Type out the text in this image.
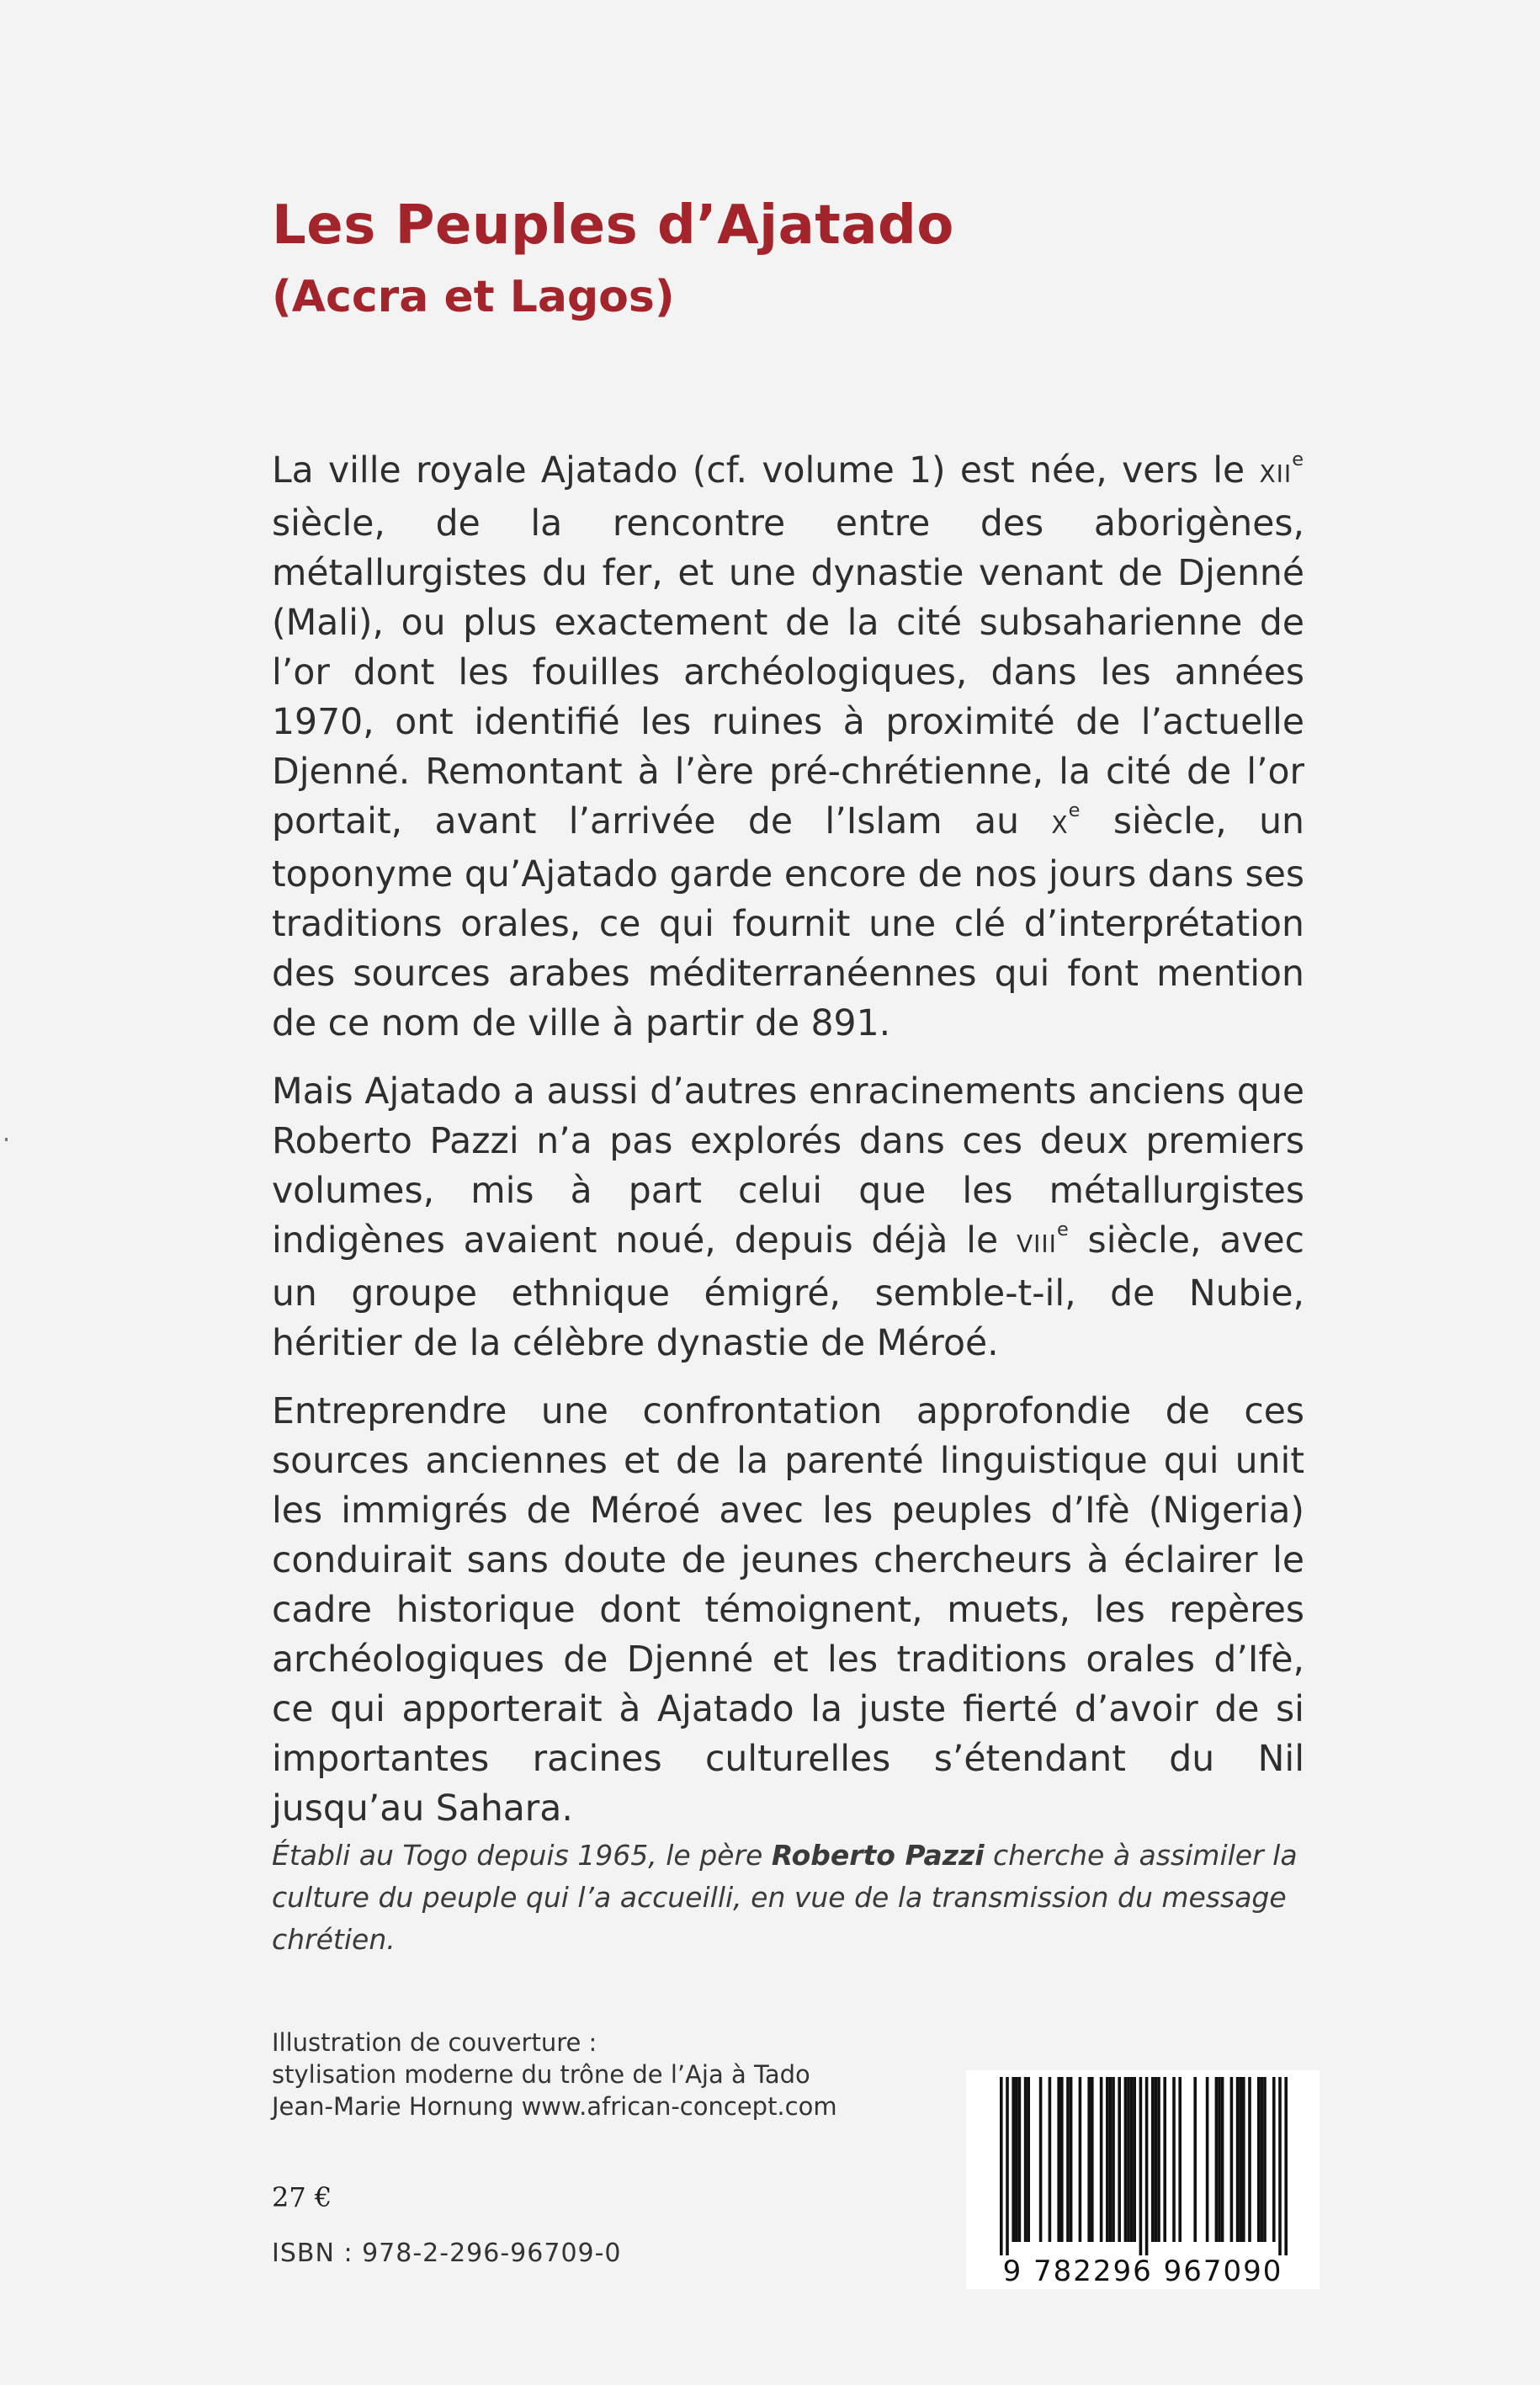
Les Peuples d’Ajatado
(Accra et Lagos)

La ville royale Ajatado (cf. volume 1) est née, vers le XIIe siècle, de la rencontre entre des aborigènes, métallurgistes du fer, et une dynastie venant de Djenné (Mali), ou plus exactement de la cité subsaharienne de l’or dont les fouilles archéologiques, dans les années 1970, ont identifié les ruines à proximité de l’actuelle Djenné. Remontant à l’ère pré-chrétienne, la cité de l’or portait, avant l’arrivée de l’Islam au Xe siècle, un toponyme qu’Ajatado garde encore de nos jours dans ses traditions orales, ce qui fournit une clé d’interprétation des sources arabes méditerranéennes qui font mention de ce nom de ville à partir de 891.

Mais Ajatado a aussi d’autres enracinements anciens que Roberto Pazzi n’a pas explorés dans ces deux premiers volumes, mis à part celui que les métallurgistes indigènes avaient noué, depuis déjà le VIIIe siècle, avec un groupe ethnique émigré, semble-t-il, de Nubie, héritier de la célèbre dynastie de Méroé.

Entreprendre une confrontation approfondie de ces sources anciennes et de la parenté linguistique qui unit les immigrés de Méroé avec les peuples d’Ifè (Nigeria) conduirait sans doute de jeunes chercheurs à éclairer le cadre historique dont témoignent, muets, les repères archéologiques de Djenné et les traditions orales d’Ifè, ce qui apporterait à Ajatado la juste fierté d’avoir de si importantes racines culturelles s’étendant du Nil jusqu’au Sahara.

Établi au Togo depuis 1965, le père Roberto Pazzi cherche à assimiler la culture du peuple qui l’a accueilli, en vue de la transmission du message chrétien.

Illustration de couverture :
stylisation moderne du trône de l’Aja à Tado
Jean-Marie Hornung www.african-concept.com
27 €
ISBN : 978-2-296-96709-0
9 782296 967090
